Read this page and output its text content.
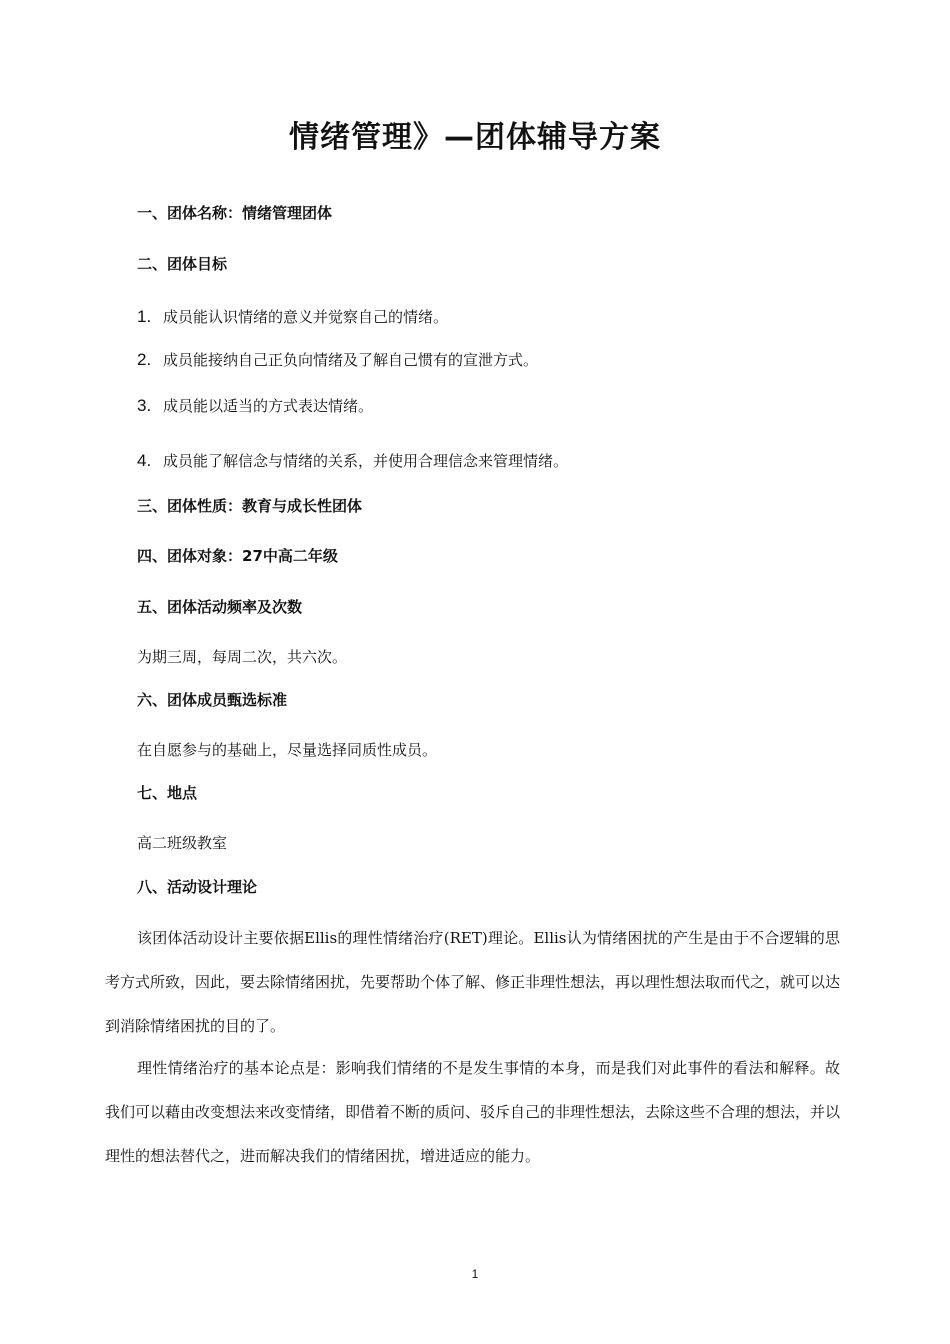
情绪管理》—团体辅导方案
一、团体名称：情绪管理团体
二、团体目标
1. 成员能认识情绪的意义并觉察自己的情绪。
2. 成员能接纳自己正负向情绪及了解自己惯有的宣泄方式。
3. 成员能以适当的方式表达情绪。
4. 成员能了解信念与情绪的关系，并使用合理信念来管理情绪。
三、团体性质：教育与成长性团体
四、团体对象：27中高二年级
五、团体活动频率及次数
为期三周，每周二次，共六次。
六、团体成员甄选标准
在自愿参与的基础上，尽量选择同质性成员。
七、地点
高二班级教室
八、活动设计理论
该团体活动设计主要依据Ellis的理性情绪治疗(RET)理论。Ellis认为情绪困扰的产生是由于不合逻辑的思考方式所致，因此，要去除情绪困扰，先要帮助个体了解、修正非理性想法，再以理性想法取而代之，就可以达到消除情绪困扰的目的了。
理性情绪治疗的基本论点是：影响我们情绪的不是发生事情的本身，而是我们对此事件的看法和解释。故我们可以藉由改变想法来改变情绪，即借着不断的质问、驳斥自己的非理性想法，去除这些不合理的想法，并以理性的想法替代之，进而解决我们的情绪困扰，增进适应的能力。
1
